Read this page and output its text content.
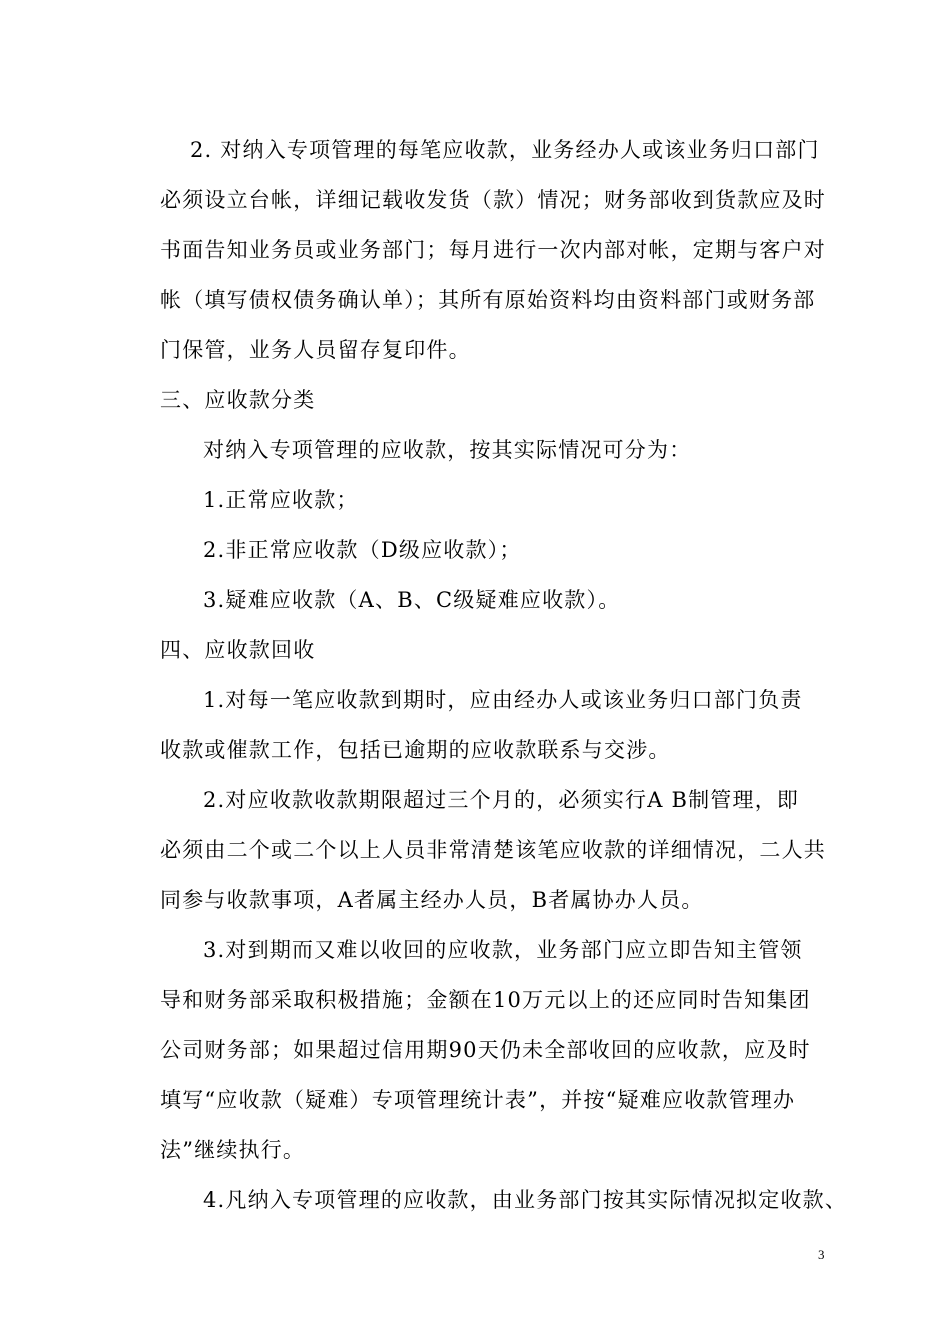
2. 对纳入专项管理的每笔应收款，业务经办人或该业务归口部门
必须设立台帐，详细记载收发货（款）情况；财务部收到货款应及时
书面告知业务员或业务部门；每月进行一次内部对帐，定期与客户对
帐（填写债权债务确认单）；其所有原始资料均由资料部门或财务部
门保管，业务人员留存复印件。
三、应收款分类
对纳入专项管理的应收款，按其实际情况可分为：
1.正常应收款；
2.非正常应收款（D级应收款）；
3.疑难应收款（A、B、C级疑难应收款）。
四、应收款回收
1.对每一笔应收款到期时，应由经办人或该业务归口部门负责
收款或催款工作，包括已逾期的应收款联系与交涉。
2.对应收款收款期限超过三个月的，必须实行A B制管理，即
必须由二个或二个以上人员非常清楚该笔应收款的详细情况，二人共
同参与收款事项，A者属主经办人员，B者属协办人员。
3.对到期而又难以收回的应收款，业务部门应立即告知主管领
导和财务部采取积极措施；金额在10万元以上的还应同时告知集团
公司财务部；如果超过信用期90天仍未全部收回的应收款，应及时
填写“应收款（疑难）专项管理统计表”，并按“疑难应收款管理办
法”继续执行。
4.凡纳入专项管理的应收款，由业务部门按其实际情况拟定收款、
3
